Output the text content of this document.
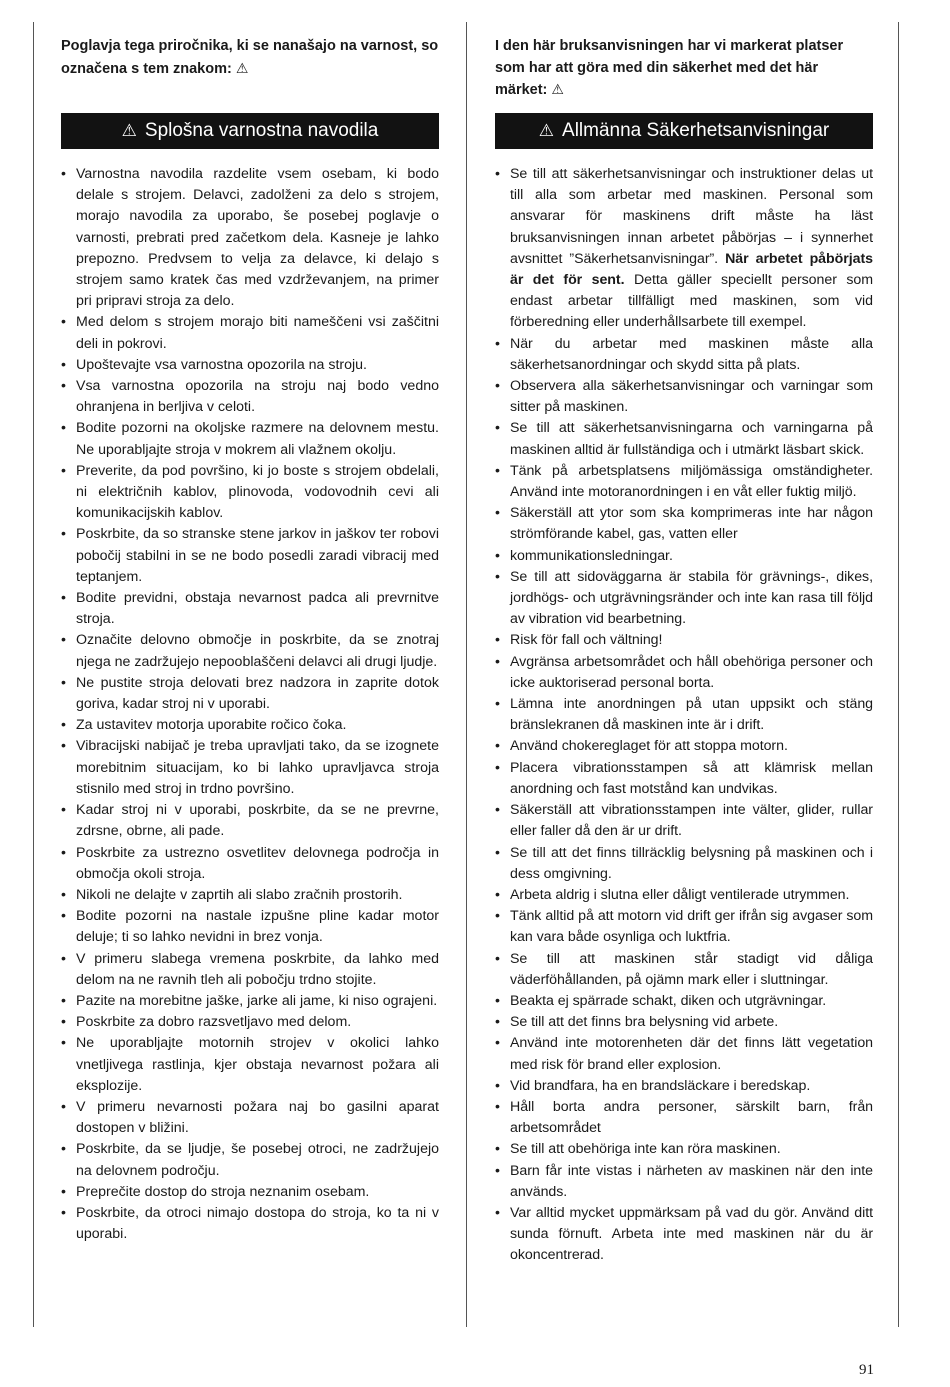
Poglavja tega priročnika, ki se nanašajo na varnost, so označena s tem znakom: ⚠

⚠ Splošna varnostna navodila
• Varnostna navodila razdelite vsem osebam, ki bodo delale s strojem. Delavci, zadolženi za delo s strojem, morajo navodila za uporabo, še posebej poglavje o varnosti, prebrati pred začetkom dela. Kasneje je lahko prepozno. Predvsem to velja za delavce, ki delajo s strojem samo kratek čas med vzdrževanjem, na primer pri pripravi stroja za delo.
• Med delom s strojem morajo biti nameščeni vsi zaščitni deli in pokrovi.
• Upoštevajte vsa varnostna opozorila na stroju.
• Vsa varnostna opozorila na stroju naj bodo vedno ohranjena in berljiva v celoti.
• Bodite pozorni na okoljske razmere na delovnem mestu. Ne uporabljajte stroja v mokrem ali vlažnem okolju.
• Preverite, da pod površino, ki jo boste s strojem obdelali, ni električnih kablov, plinovoda, vodovodnih cevi ali komunikacijskih kablov.
• Poskrbite, da so stranske stene jarkov in jaškov ter robovi pobočij stabilni in se ne bodo posedli zaradi vibracij med teptanjem.
• Bodite previdni, obstaja nevarnost padca ali prevrnitve stroja.
• Označite delovno območje in poskrbite, da se znotraj njega ne zadržujejo nepooblaščeni delavci ali drugi ljudje.
• Ne pustite stroja delovati brez nadzora in zaprite dotok goriva, kadar stroj ni v uporabi.
• Za ustavitev motorja uporabite ročico čoka.
• Vibracijski nabijač je treba upravljati tako, da se izognete morebitnim situacijam, ko bi lahko upravljavca stroja stisnilo med stroj in trdno površino.
• Kadar stroj ni v uporabi, poskrbite, da se ne prevrne, zdrsne, obrne, ali pade.
• Poskrbite za ustrezno osvetlitev delovnega področja in območja okoli stroja.
• Nikoli ne delajte v zaprtih ali slabo zračnih prostorih.
• Bodite pozorni na nastale izpušne pline kadar motor deluje; ti so lahko nevidni in brez vonja.
• V primeru slabega vremena poskrbite, da lahko med delom na ne ravnih tleh ali pobočju trdno stojite.
• Pazite na morebitne jaške, jarke ali jame, ki niso ograjeni.
• Poskrbite za dobro razsvetljavo med delom.
• Ne uporabljajte motornih strojev v okolici lahko vnetljivega rastlinja, kjer obstaja nevarnost požara ali eksplozije.
• V primeru nevarnosti požara naj bo gasilni aparat dostopen v bližini.
• Poskrbite, da se ljudje, še posebej otroci, ne zadržujejo na delovnem področju.
• Preprečite dostop do stroja neznanim osebam.
• Poskrbite, da otroci nimajo dostopa do stroja, ko ta ni v uporabi.

I den här bruksanvisningen har vi markerat platser som har att göra med din säkerhet med det här märket: ⚠

⚠ Allmänna Säkerhetsanvisningar
• Se till att säkerhetsanvisningar och instruktioner delas ut till alla som arbetar med maskinen. Personal som ansvarar för maskinens drift måste ha läst bruksanvisningen innan arbetet påbörjas – i synnerhet avsnittet ”Säkerhetsanvisningar”. När arbetet påbörjats är det för sent. Detta gäller speciellt personer som endast arbetar tillfälligt med maskinen, som vid förberedning eller underhållsarbete till exempel.
• När du arbetar med maskinen måste alla säkerhetsanordningar och skydd sitta på plats.
• Observera alla säkerhetsanvisningar och varningar som sitter på maskinen.
• Se till att säkerhetsanvisningarna och varningarna på maskinen alltid är fullständiga och i utmärkt läsbart skick.
• Tänk på arbetsplatsens miljömässiga omständigheter. Använd inte motoranordningen i en våt eller fuktig miljö.
• Säkerställ att ytor som ska komprimeras inte har någon strömförande kabel, gas, vatten eller
• kommunikationsledningar.
• Se till att sidoväggarna är stabila för grävnings-, dikes, jordhögs- och utgrävningsränder och inte kan rasa till följd av vibration vid bearbetning.
• Risk för fall och vältning!
• Avgränsa arbetsområdet och håll obehöriga personer och icke auktoriserad personal borta.
• Lämna inte anordningen på utan uppsikt och stäng bränslekranen då maskinen inte är i drift.
• Använd chokereglaget för att stoppa motorn.
• Placera vibrationsstampen så att klämrisk mellan anordning och fast motstånd kan undvikas.
• Säkerställ att vibrationsstampen inte välter, glider, rullar eller faller då den är ur drift.
• Se till att det finns tillräcklig belysning på maskinen och i dess omgivning.
• Arbeta aldrig i slutna eller dåligt ventilerade utrymmen.
• Tänk alltid på att motorn vid drift ger ifrån sig avgaser som kan vara både osynliga och luktfria.
• Se till att maskinen står stadigt vid dåliga väderföhållanden, på ojämn mark eller i sluttningar.
• Beakta ej spärrade schakt, diken och utgrävningar.
• Se till att det finns bra belysning vid arbete.
• Använd inte motorenheten där det finns lätt vegetation med risk för brand eller explosion.
• Vid brandfara, ha en brandsläckare i beredskap.
• Håll borta andra personer, särskilt barn, från arbetsområdet
• Se till att obehöriga inte kan röra maskinen.
• Barn får inte vistas i närheten av maskinen när den inte används.
• Var alltid mycket uppmärksam på vad du gör. Använd ditt sunda förnuft. Arbeta inte med maskinen när du är okoncentrerad.
91
